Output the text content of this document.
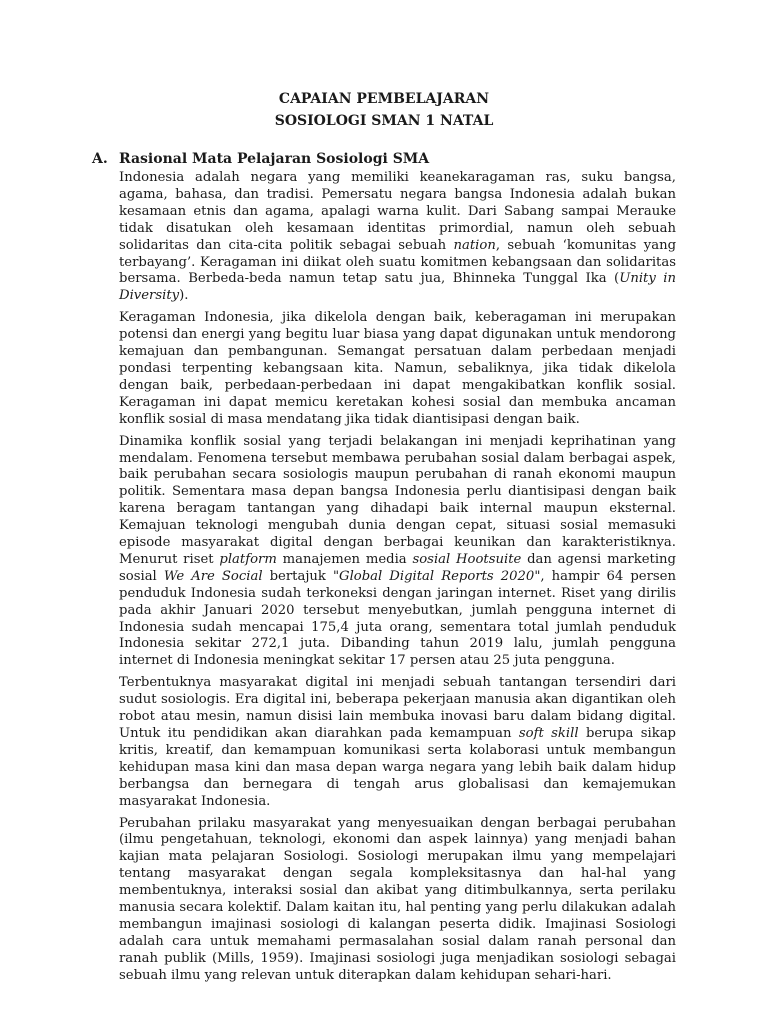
CAPAIAN PEMBELAJARAN
SOSIOLOGI SMAN 1 NATAL
A. Rasional Mata Pelajaran Sosiologi SMA

Indonesia adalah negara yang memiliki keanekaragaman ras, suku bangsa, agama, bahasa, dan tradisi. Pemersatu negara bangsa Indonesia adalah bukan kesamaan etnis dan agama, apalagi warna kulit. Dari Sabang sampai Merauke tidak disatukan oleh kesamaan identitas primordial, namun oleh sebuah solidaritas dan cita-cita politik sebagai sebuah nation, sebuah ‘komunitas yang terbayang’. Keragaman ini diikat oleh suatu komitmen kebangsaan dan solidaritas bersama. Berbeda-beda namun tetap satu jua, Bhinneka Tunggal Ika (Unity in Diversity).

Keragaman Indonesia, jika dikelola dengan baik, keberagaman ini merupakan potensi dan energi yang begitu luar biasa yang dapat digunakan untuk mendorong kemajuan dan pembangunan. Semangat persatuan dalam perbedaan menjadi pondasi terpenting kebangsaan kita. Namun, sebaliknya, jika tidak dikelola dengan baik, perbedaan-perbedaan ini dapat mengakibatkan konflik sosial. Keragaman ini dapat memicu keretakan kohesi sosial dan membuka ancaman konflik sosial di masa mendatang jika tidak diantisipasi dengan baik.

Dinamika konflik sosial yang terjadi belakangan ini menjadi keprihatinan yang mendalam. Fenomena tersebut membawa perubahan sosial dalam berbagai aspek, baik perubahan secara sosiologis maupun perubahan di ranah ekonomi maupun politik. Sementara masa depan bangsa Indonesia perlu diantisipasi dengan baik karena beragam tantangan yang dihadapi baik internal maupun eksternal. Kemajuan teknologi mengubah dunia dengan cepat, situasi sosial memasuki episode masyarakat digital dengan berbagai keunikan dan karakteristiknya. Menurut riset platform manajemen media sosial Hootsuite dan agensi marketing sosial We Are Social bertajuk "Global Digital Reports 2020", hampir 64 persen penduduk Indonesia sudah terkoneksi dengan jaringan internet. Riset yang dirilis pada akhir Januari 2020 tersebut menyebutkan, jumlah pengguna internet di Indonesia sudah mencapai 175,4 juta orang, sementara total jumlah penduduk Indonesia sekitar 272,1 juta. Dibanding tahun 2019 lalu, jumlah pengguna internet di Indonesia meningkat sekitar 17 persen atau 25 juta pengguna.

Terbentuknya masyarakat digital ini menjadi sebuah tantangan tersendiri dari sudut sosiologis. Era digital ini, beberapa pekerjaan manusia akan digantikan oleh robot atau mesin, namun disisi lain membuka inovasi baru dalam bidang digital. Untuk itu pendidikan akan diarahkan pada kemampuan soft skill berupa sikap kritis, kreatif, dan kemampuan komunikasi serta kolaborasi untuk membangun kehidupan masa kini dan masa depan warga negara yang lebih baik dalam hidup berbangsa dan bernegara di tengah arus globalisasi dan kemajemukan masyarakat Indonesia.

Perubahan prilaku masyarakat yang menyesuaikan dengan berbagai perubahan (ilmu pengetahuan, teknologi, ekonomi dan aspek lainnya) yang menjadi bahan kajian mata pelajaran Sosiologi. Sosiologi merupakan ilmu yang mempelajari tentang masyarakat dengan segala kompleksitasnya dan hal-hal yang membentuknya, interaksi sosial dan akibat yang ditimbulkannya, serta perilaku manusia secara kolektif. Dalam kaitan itu, hal penting yang perlu dilakukan adalah membangun imajinasi sosiologi di kalangan peserta didik. Imajinasi Sosiologi adalah cara untuk memahami permasalahan sosial dalam ranah personal dan ranah publik (Mills, 1959). Imajinasi sosiologi juga menjadikan sosiologi sebagai sebuah ilmu yang relevan untuk diterapkan dalam kehidupan sehari-hari.
